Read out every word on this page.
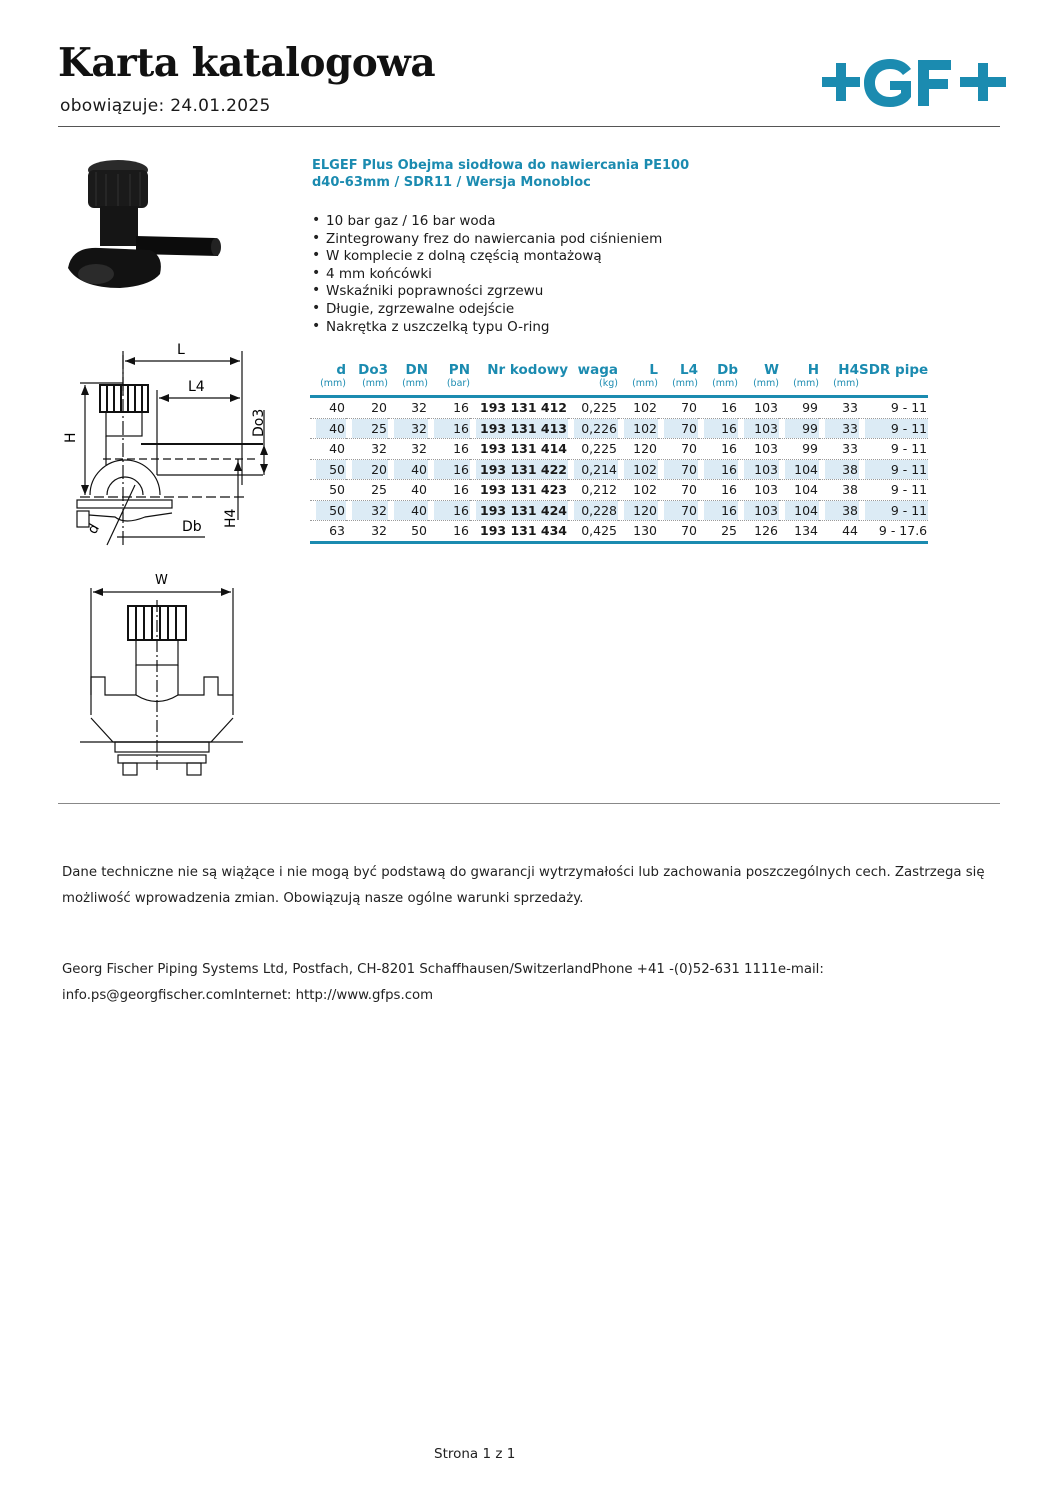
Karta katalogowa
obowiązuje: 24.01.2025
L
L4
H
Do3
H4
Db
d
W
ELGEF Plus Obejma siodłowa do nawiercania PE100
d40-63mm / SDR11 / Wersja Monobloc
• 10 bar gaz / 16 bar woda
• Zintegrowany frez do nawiercania pod ciśnieniem
• W komplecie z dolną częścią montażową
• 4 mm końcówki
• Wskaźniki poprawności zgrzewu
• Długie, zgrzewalne odejście
• Nakrętka z uszczelką typu O-ring
d	Do3	DN	PN	Nr kodowy	waga	L	L4	Db	W	H	H4	SDR pipe
(mm)	(mm)	(mm)	(bar)		(kg)	(mm)	(mm)	(mm)	(mm)	(mm)	(mm)	

40	20	32	16	193 131 412	0,225	102	70	16	103	99	33	9 - 11

40	25	32	16	193 131 413	0,226	102	70	16	103	99	33	9 - 11

40	32	32	16	193 131 414	0,225	120	70	16	103	99	33	9 - 11

50	20	40	16	193 131 422	0,214	102	70	16	103	104	38	9 - 11

50	25	40	16	193 131 423	0,212	102	70	16	103	104	38	9 - 11

50	32	40	16	193 131 424	0,228	120	70	16	103	104	38	9 - 11

63	32	50	16	193 131 434	0,425	130	70	25	126	134	44	9 - 17.6
Dane techniczne nie są wiążące i nie mogą być podstawą do gwarancji wytrzymałości lub zachowania poszczególnych cech. Zastrzega się możliwość wprowadzenia zmian. Obowiązują nasze ogólne warunki sprzedaży.
Georg Fischer Piping Systems Ltd, Postfach, CH-8201 Schaffhausen/SwitzerlandPhone +41 -(0)52-631 1111e-mail:
info.ps@georgfischer.comInternet: http://www.gfps.com
Strona 1 z 1
